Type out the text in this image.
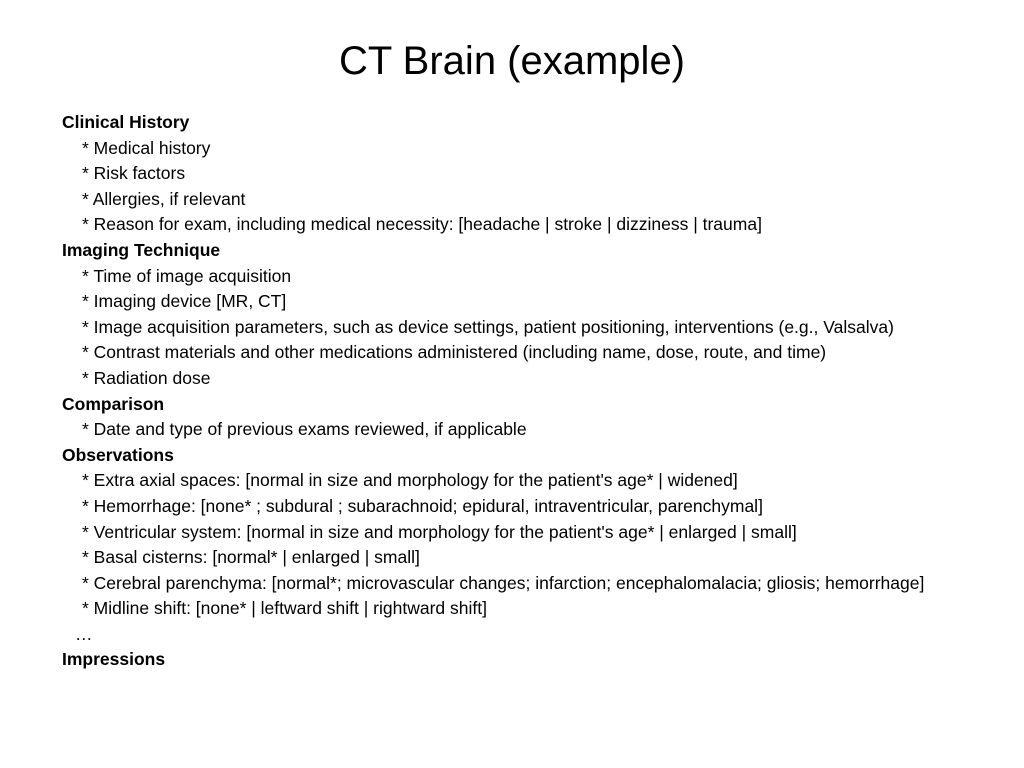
CT Brain (example)
Clinical History
* Medical history
* Risk factors
* Allergies, if relevant
* Reason for exam, including medical necessity: [headache | stroke | dizziness | trauma]
Imaging Technique
* Time of image acquisition
* Imaging device [MR, CT]
* Image acquisition parameters, such as device settings, patient positioning, interventions (e.g., Valsalva)
* Contrast materials and other medications administered (including name, dose, route, and time)
* Radiation dose
Comparison
* Date and type of previous exams reviewed, if applicable
Observations
* Extra axial spaces: [normal in size and morphology for the patient's age* | widened]
* Hemorrhage: [none* ; subdural ; subarachnoid; epidural, intraventricular, parenchymal]
* Ventricular system: [normal in size and morphology for the patient's age* | enlarged | small]
* Basal cisterns: [normal* | enlarged | small]
* Cerebral parenchyma: [normal*; microvascular changes; infarction; encephalomalacia; gliosis; hemorrhage]
* Midline shift: [none* | leftward shift | rightward shift]
…
Impressions
